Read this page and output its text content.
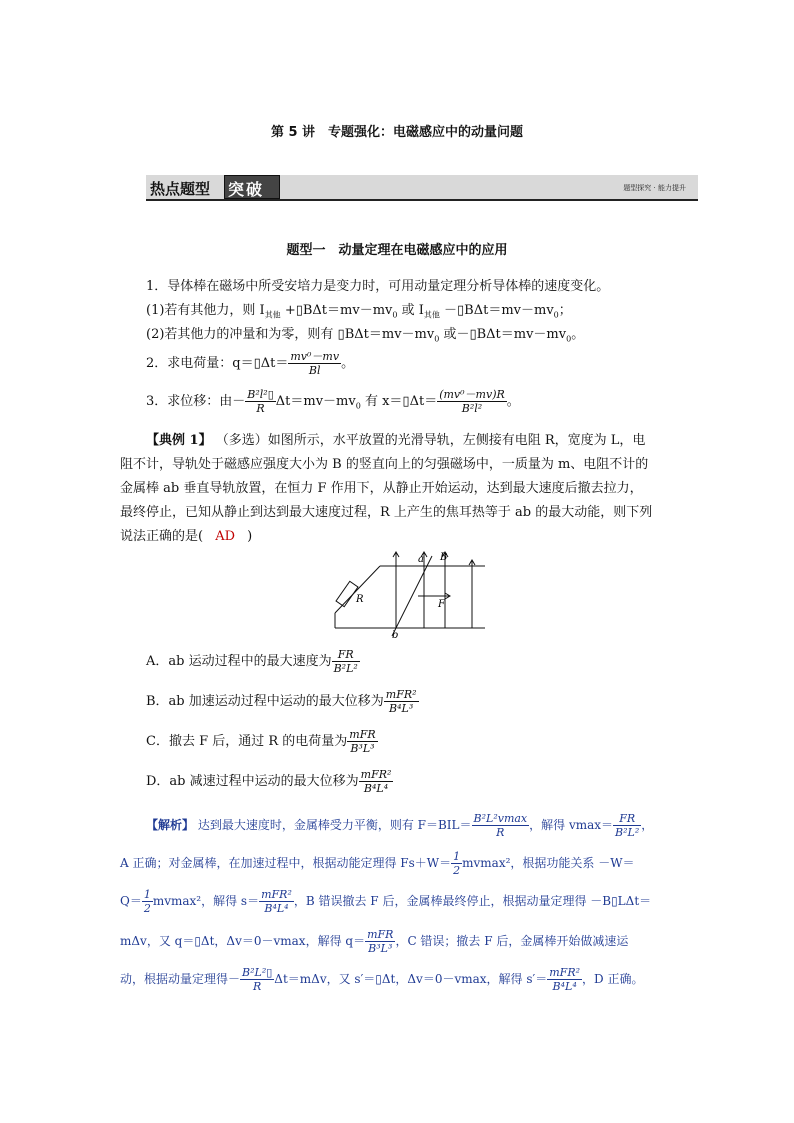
第 5 讲　专题强化：电磁感应中的动量问题
热点题型 突破	题型探究 · 能力提升
题型一　动量定理在电磁感应中的应用
1．导体棒在磁场中所受安培力是变力时，可用动量定理分析导体棒的速度变化。
(1)若有其他力，则 $I_{其他}$ $+▯B\Delta t=mv-mv_0$ 或 $I_{其他}$ $-▯B\Delta t=mv-mv_0$；
(2)若其他力的冲量和为零，则有 $▯B\Delta t=mv-mv_0$ 或$-▯B\Delta t=mv-mv_0$。
2．求电荷量：q＝▯Δt＝ $\frac{\text{mv⁰－mv}}{Bl}$ 。
3．求位移：由－ $\frac{\text{B²l²▯}}{R} \Delta t=mv-mv_0$ 有 x＝▯Δt＝ $\frac{\text{(mv⁰－mv)R}}{\text{B²l²}}$ 。
【典例 1】 （多选）如图所示，水平放置的光滑导轨，左侧接有电阻 R，宽度为 L，电
阻不计，导轨处于磁感应强度大小为 B 的竖直向上的匀强磁场中，一质量为 m、电阻不计的
金属棒 ab 垂直导轨放置，在恒力 F 作用下，从静止开始运动，达到最大速度后撤去拉力，
最终停止，已知从静止到达到最大速度过程，R 上产生的焦耳热等于 ab 的最大动能，则下列
说法正确的是( AD )
a B
R	F
b
A．ab 运动过程中的最大速度为 $\frac{FR}{\text{B²L²}}$
B．ab 加速运动过程中运动的最大位移为 $\frac{\text{mFR²}}{\text{B⁴L³}}$
C．撤去 F 后，通过 R 的电荷量为 $\frac{\text{mFR}}{\text{B³L³}}$
D．ab 减速过程中运动的最大位移为 $\frac{\text{mFR²}}{\text{B⁴L⁴}}$
【解析】 达到最大速度时，金属棒受力平衡，则有 $F=BIL= \frac{\text{B²L²vmax}}{R}$ ，解得 $vmax= \frac{FR}{\text{B²L²}}$ ，
A 正确；对金属棒，在加速过程中，根据动能定理得 $Fs+W= \frac{1}{2} mvmax^2$，根据功能关系 －W＝
$Q= \frac{1}{2} mvmax^2$，解得 $s= \frac{\text{mFR²}}{\text{B⁴L⁴}}$ ，B 错误撤去 F 后，金属棒最终停止，根据动量定理得 －B▯LΔt＝
mΔv，又 q＝▯Δt，Δv＝0－vmax，解得 $q= \frac{\text{mFR}}{\text{B³L³}}$ ，C 错误；撤去 F 后，金属棒开始做减速运
动，根据动量定理得－ $\frac{\text{B²L²▯}}{R} \Delta t=m\Delta v$，又 s′＝▯Δt，Δv＝0－vmax，解得 $s'= \frac{\text{mFR²}}{\text{B⁴L⁴}}$ ，D 正确。
